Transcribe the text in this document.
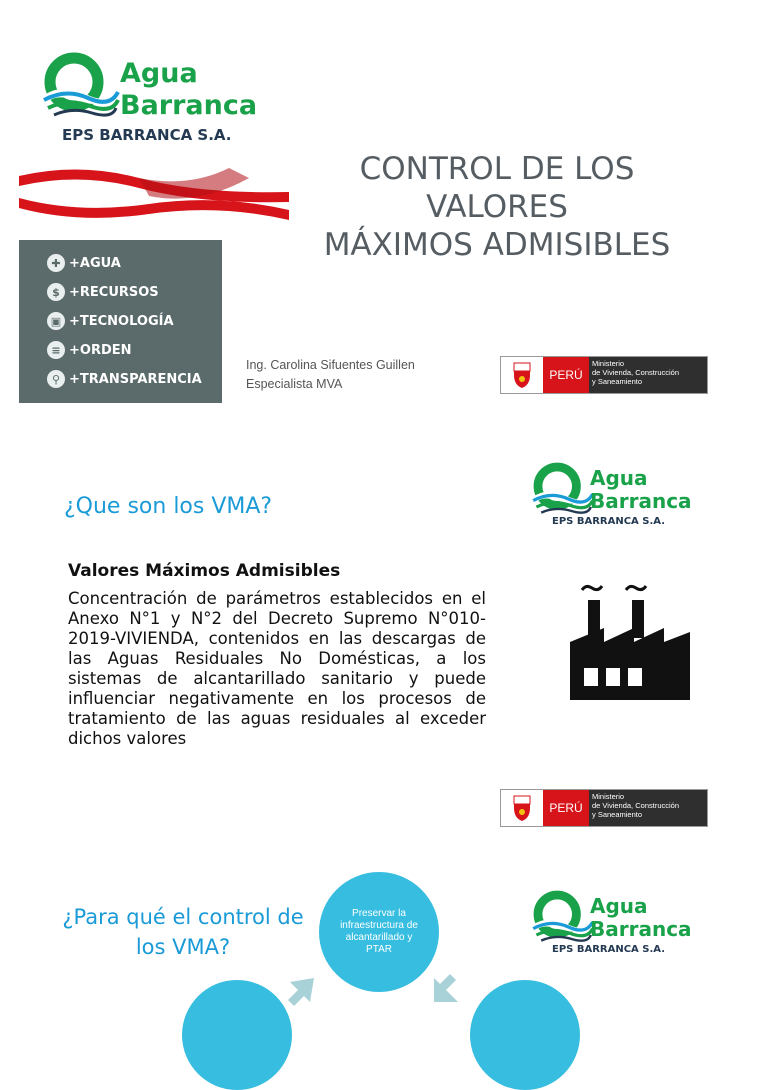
Agua
Barranca
EPS BARRANCA S.A.
CONTROL DE LOS VALORES
MÁXIMOS ADMISIBLES
✚ +AGUA
$ +RECURSOS
▣ +TECNOLOGÍA
≡ +ORDEN
⚲ +TRANSPARENCIA
Ing. Carolina Sifuentes Guillen
Especialista MVA
PERÚ
Ministerio
de Vivienda, Construcción
y Saneamiento
¿Que son los VMA?
Agua
Barranca
EPS BARRANCA S.A.
Valores Máximos Admisibles
Concentración de parámetros establecidos en el Anexo N°1 y N°2 del Decreto Supremo N°010-2019-VIVIENDA, contenidos en las descargas de las Aguas Residuales No Domésticas, a los sistemas de alcantarillado sanitario y puede influenciar negativamente en los procesos de tratamiento de las aguas residuales al exceder dichos valores
PERÚ
Ministerio
de Vivienda, Construcción
y Saneamiento
¿Para qué el control de
los VMA?
Preservar la infraestructura de alcantarillado y PTAR
Agua
Barranca
EPS BARRANCA S.A.
